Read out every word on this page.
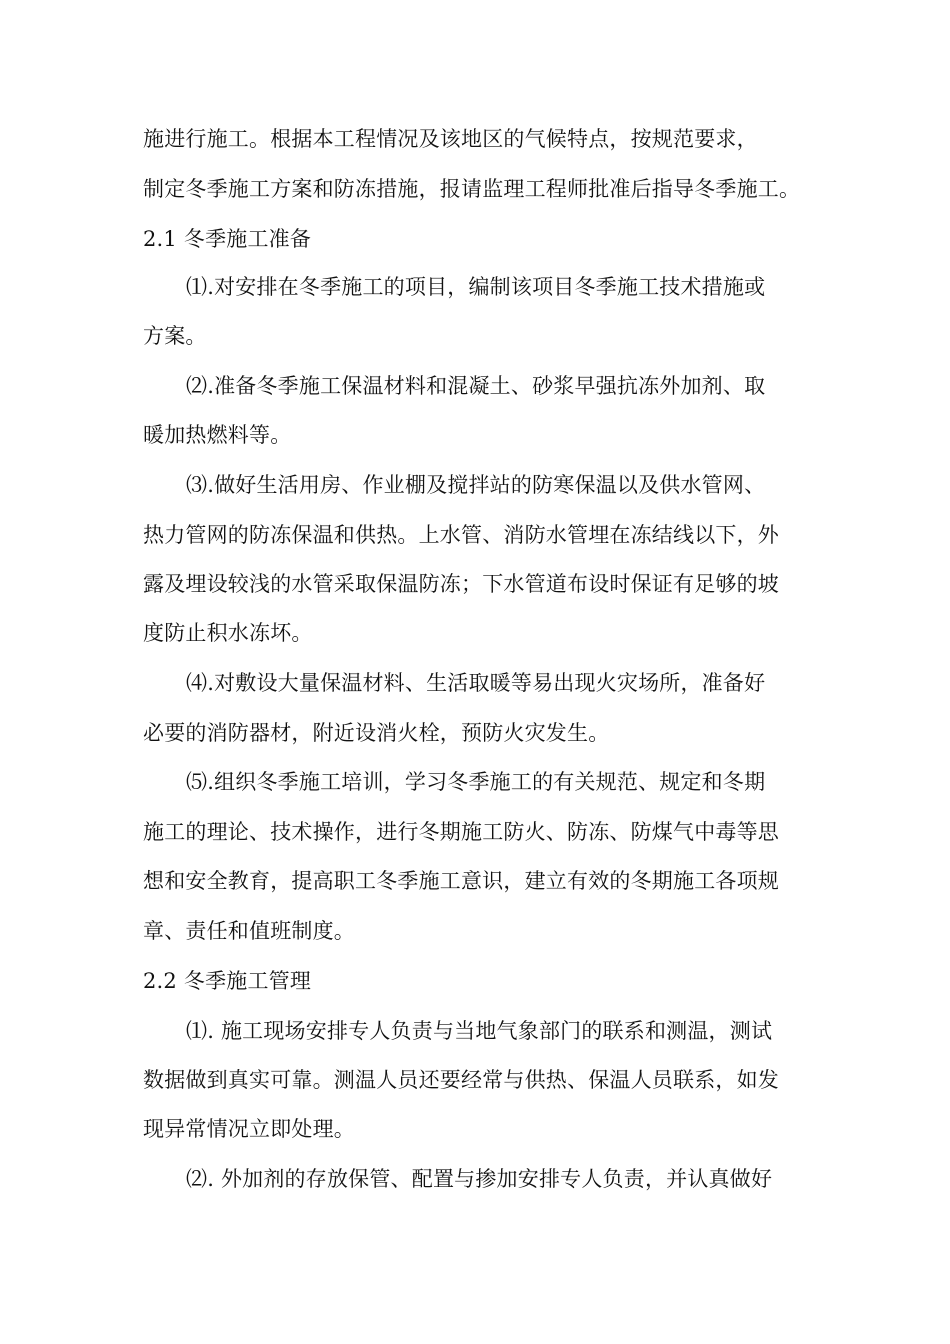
施进行施工。根据本工程情况及该地区的气候特点，按规范要求，
制定冬季施工方案和防冻措施，报请监理工程师批准后指导冬季施工。
2.1 冬季施工准备
⑴.对安排在冬季施工的项目，编制该项目冬季施工技术措施或
方案。
⑵.准备冬季施工保温材料和混凝土、砂浆早强抗冻外加剂、取
暖加热燃料等。
⑶.做好生活用房、作业棚及搅拌站的防寒保温以及供水管网、
热力管网的防冻保温和供热。上水管、消防水管埋在冻结线以下，外
露及埋设较浅的水管采取保温防冻；下水管道布设时保证有足够的坡
度防止积水冻坏。
⑷.对敷设大量保温材料、生活取暖等易出现火灾场所，准备好
必要的消防器材，附近设消火栓，预防火灾发生。
⑸.组织冬季施工培训，学习冬季施工的有关规范、规定和冬期
施工的理论、技术操作，进行冬期施工防火、防冻、防煤气中毒等思
想和安全教育，提高职工冬季施工意识，建立有效的冬期施工各项规
章、责任和值班制度。
2.2 冬季施工管理
⑴. 施工现场安排专人负责与当地气象部门的联系和测温，测试
数据做到真实可靠。测温人员还要经常与供热、保温人员联系，如发
现异常情况立即处理。
⑵. 外加剂的存放保管、配置与掺加安排专人负责，并认真做好
